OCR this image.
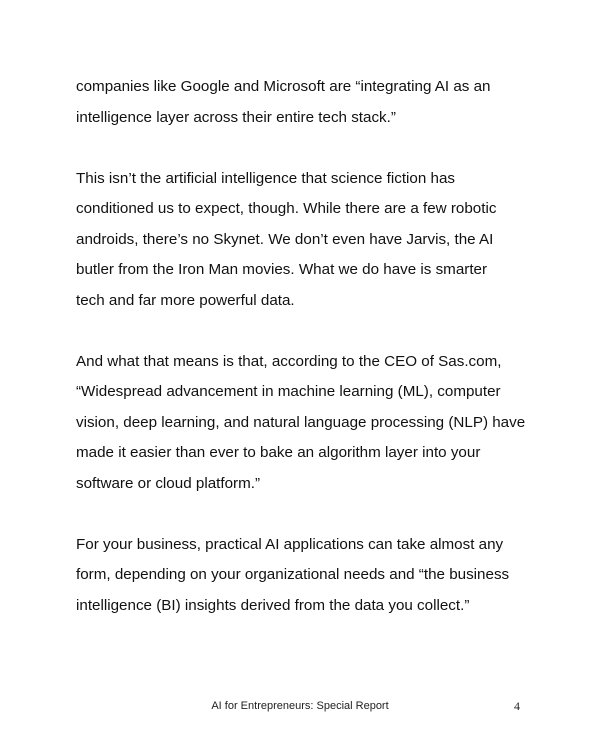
companies like Google and Microsoft are “integrating AI as an
intelligence layer across their entire tech stack.”
This isn’t the artificial intelligence that science fiction has
conditioned us to expect, though. While there are a few robotic
androids, there’s no Skynet. We don’t even have Jarvis, the AI
butler from the Iron Man movies. What we do have is smarter
tech and far more powerful data.
And what that means is that, according to the CEO of Sas.com,
“Widespread advancement in machine learning (ML), computer
vision, deep learning, and natural language processing (NLP) have
made it easier than ever to bake an algorithm layer into your
software or cloud platform.”
For your business, practical AI applications can take almost any
form, depending on your organizational needs and “the business
intelligence (BI) insights derived from the data you collect.”
AI for Entrepreneurs: Special Report	4
